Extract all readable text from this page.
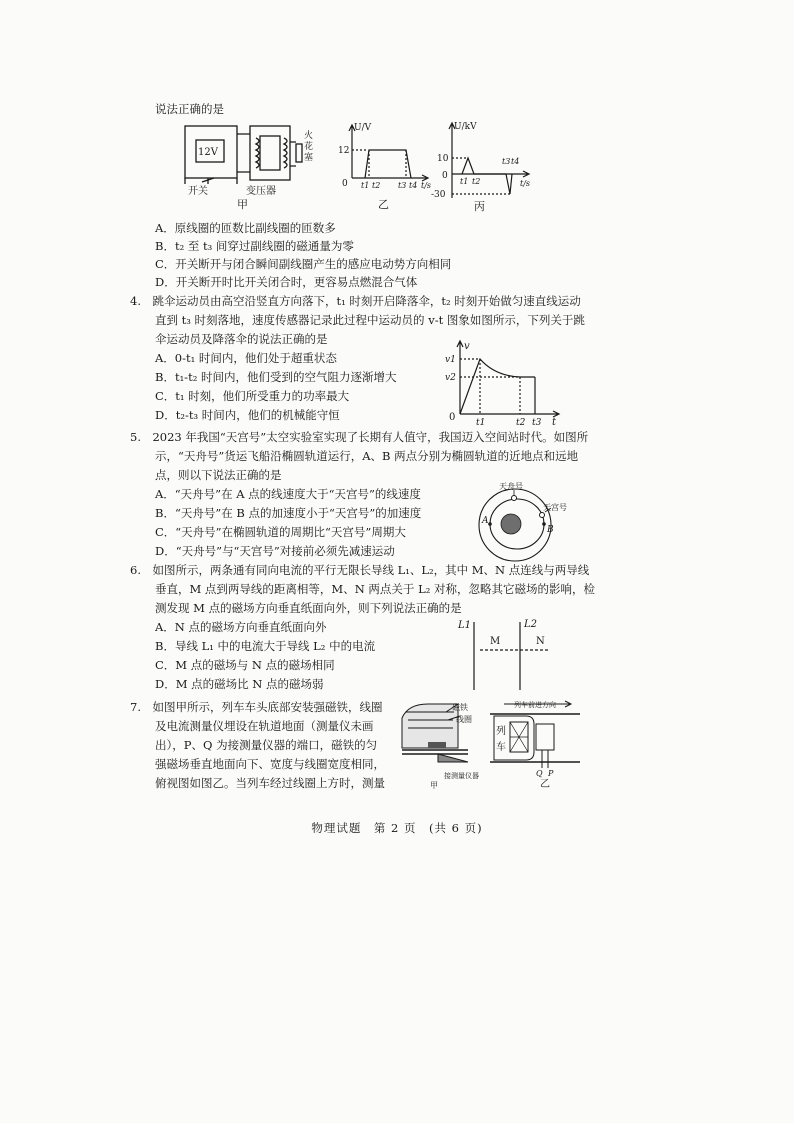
说法正确的是
12V
开关	变压器
火
花
塞
甲
U/V
12
0 t1 t2 t3 t4 t/s
乙
U/kV
10
-30
0
t1 t2
t3 t4
t/s
丙
A．原线圈的匝数比副线圈的匝数多
B．t₂ 至 t₃ 间穿过副线圈的磁通量为零
C．开关断开与闭合瞬间副线圈产生的感应电动势方向相同
D．开关断开时比开关闭合时，更容易点燃混合气体
4.　跳伞运动员由高空沿竖直方向落下，t₁ 时刻开启降落伞，t₂ 时刻开始做匀速直线运动
直到 t₃ 时刻落地，速度传感器记录此过程中运动员的 v-t 图象如图所示，下列关于跳
伞运动员及降落伞的说法正确的是
A．0-t₁ 时间内，他们处于超重状态
B．t₁-t₂ 时间内，他们受到的空气阻力逐渐增大
C．t₁ 时刻，他们所受重力的功率最大
D．t₂-t₃ 时间内，他们的机械能守恒
v
v1
v2
0 t1	t2 t3 t
5.　2023 年我国“天宫号”太空实验室实现了长期有人值守，我国迈入空间站时代。如图所
示，“天舟号”货运飞船沿椭圆轨道运行，A、B 两点分别为椭圆轨道的近地点和远地
点，则以下说法正确的是
A．“天舟号”在 A 点的线速度大于“天宫号”的线速度
B．“天舟号”在 B 点的加速度小于“天宫号”的加速度
C．“天舟号”在椭圆轨道的周期比“天宫号”周期大
D．“天舟号”与“天宫号”对接前必须先减速运动
天舟号
天宫号
A
B
6.　如图所示，两条通有同向电流的平行无限长导线 L₁、L₂，其中 M、N 点连线与两导线
垂直，M 点到两导线的距离相等，M、N 两点关于 L₂ 对称，忽略其它磁场的影响，检
测发现 M 点的磁场方向垂直纸面向外，则下列说法正确的是
A．N 点的磁场方向垂直纸面向外
B．导线 L₁ 中的电流大于导线 L₂ 中的电流
C．M 点的磁场与 N 点的磁场相同
D．M 点的磁场比 N 点的磁场弱
L1	L2
M	N
7.　如图甲所示，列车车头底部安装强磁铁，线圈
及电流测量仪埋设在轨道地面（测量仪未画
出），P、Q 为接测量仪器的端口，磁铁的匀
强磁场垂直地面向下、宽度与线圈宽度相同，
俯视图如图乙。当列车经过线圈上方时，测量
磁铁
线圈
接测量仪器
甲
列车前进方向
列
车
Q P
乙
物理试题　第 2 页　(共 6 页)
